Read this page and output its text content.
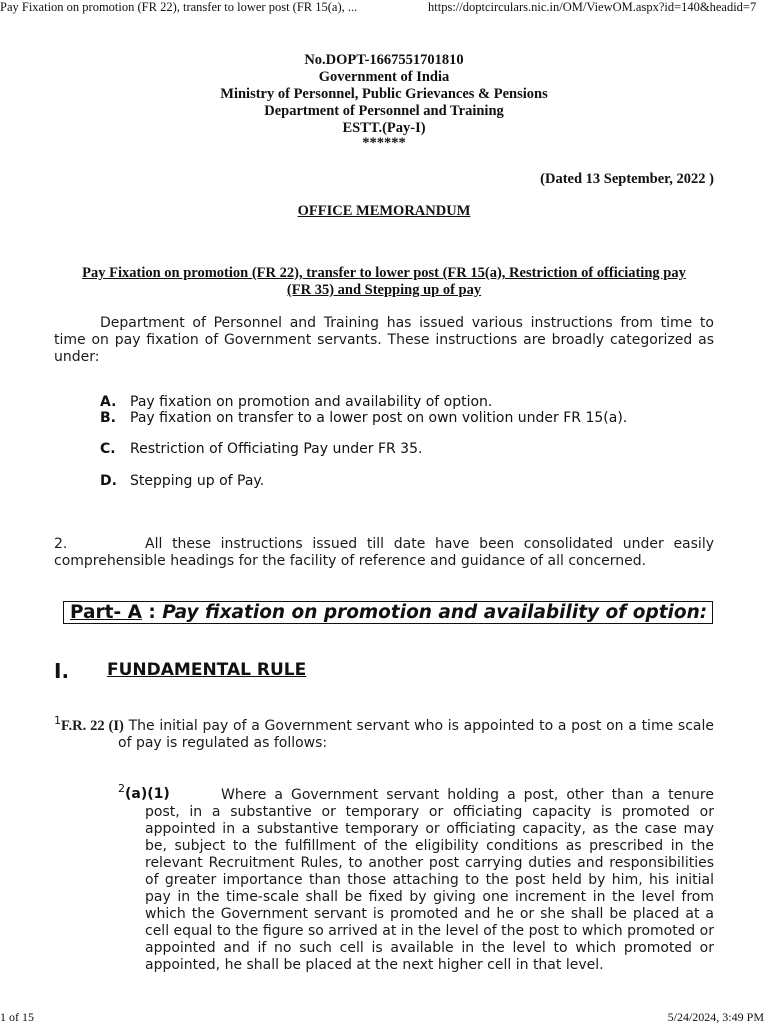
Pay Fixation on promotion (FR 22), transfer to lower post (FR 15(a), ...	https://doptcirculars.nic.in/OM/ViewOM.aspx?id=140&headid=7
No.DOPT-1667551701810
Government of India
Ministry of Personnel, Public Grievances & Pensions
Department of Personnel and Training
ESTT.(Pay-I)
******
(Dated 13 September, 2022 )
OFFICE MEMORANDUM
Pay Fixation on promotion (FR 22), transfer to lower post (FR 15(a), Restriction of officiating pay
(FR 35) and Stepping up of pay
Department of Personnel and Training has issued various instructions from time to time on pay fixation of Government servants. These instructions are broadly categorized as under:
A. Pay fixation on promotion and availability of option.
B. Pay fixation on transfer to a lower post on own volition under FR 15(a).
C. Restriction of Officiating Pay under FR 35.
D. Stepping up of Pay.
2.	All these instructions issued till date have been consolidated under easily comprehensible headings for the facility of reference and guidance of all concerned.
Part- A : Pay fixation on promotion and availability of option:
I. FUNDAMENTAL RULE
$^1$F.R. 22 (I) The initial pay of a Government servant who is appointed to a post on a time scale of pay is regulated as follows:
$^2$(a)(1)	Where a Government servant holding a post, other than a tenure post, in a substantive or temporary or officiating capacity is promoted or appointed in a substantive temporary or officiating capacity, as the case may be, subject to the fulfillment of the eligibility conditions as prescribed in the relevant Recruitment Rules, to another post carrying duties and responsibilities of greater importance than those attaching to the post held by him, his initial pay in the time-scale shall be fixed by giving one increment in the level from which the Government servant is promoted and he or she shall be placed at a cell equal to the figure so arrived at in the level of the post to which promoted or appointed and if no such cell is available in the level to which promoted or appointed, he shall be placed at the next higher cell in that level.
1 of 15	5/24/2024, 3:49 PM
